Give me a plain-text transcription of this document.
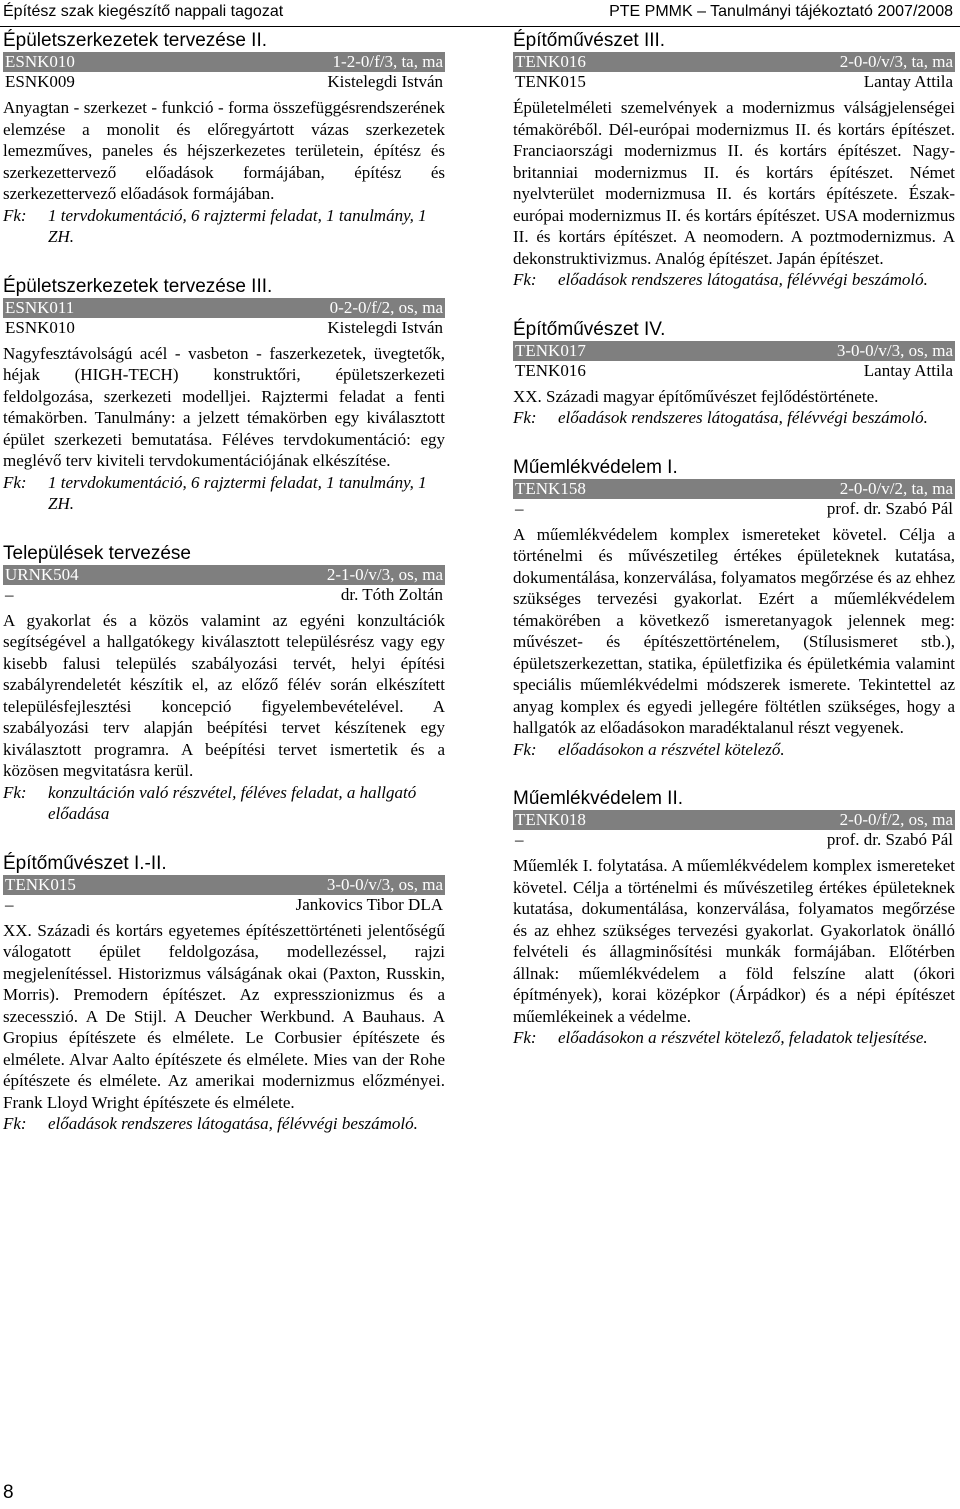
Építész szak kiegészítő nappali tagozat	PTE PMMK – Tanulmányi tájékoztató 2007/2008
Épületszerkezetek tervezése II.
ESNK010	1-2-0/f/3, ta, ma
ESNK009	Kistelegdi István

Anyagtan - szerkezet - funkció - forma összefüggésrendszerének elemzése a monolit és előregyártott vázas szerkezetek lemezműves, paneles és héjszerkezetes területein, építész és szerkezettervező előadások formájában, építész és szerkezettervező előadások formájában.

Fk: 1 tervdokumentáció, 6 rajztermi feladat, 1 tanulmány, 1 ZH.

Épületszerkezetek tervezése III.
ESNK011	0-2-0/f/2, os, ma
ESNK010	Kistelegdi István

Nagyfesztávolságú acél - vasbeton - faszerkezetek, üvegtetők, héjak (HIGH-TECH) konstruktőri, épületszerkezeti feldolgozása, szerkezeti modelljei. Rajztermi feladat a fenti témakörben. Tanulmány: a jelzett témakörben egy kiválasztott épület szerkezeti bemutatása. Féléves tervdokumentáció: egy meglévő terv kiviteli tervdokumentációjának elkészítése.

Fk: 1 tervdokumentáció, 6 rajztermi feladat, 1 tanulmány, 1 ZH.

Települések tervezése
URNK504	2-1-0/v/3, os, ma
–	dr. Tóth Zoltán

A gyakorlat és a közös valamint az egyéni konzultációk segítségével a hallgatókegy kiválasztott településrész vagy egy kisebb falusi település szabályozási tervét, helyi építési szabályrendeletét készítik el, az előző félév során elkészített településfejlesztési koncepció figyelembevételével. A szabályozási terv alapján beépítési tervet készítenek egy kiválasztott programra. A beépítési tervet ismertetik és a közösen megvitatásra kerül.

Fk: konzultáción való részvétel, féléves feladat, a hallgató előadása

Építőművészet I.-II.
TENK015	3-0-0/v/3, os, ma
–	Jankovics Tibor DLA

XX. Századi és kortárs egyetemes építészettörténeti jelentőségű válogatott épület feldolgozása, modellezéssel, rajzi megjelenítéssel. Historizmus válságának okai (Paxton, Russkin, Morris). Premodern építészet. Az expresszionizmus és a szecesszió. A De Stijl. A Deucher Werkbund. A Bauhaus. A Gropius építészete és elmélete. Le Corbusier építészete és elmélete. Alvar Aalto építészete és elmélete. Mies van der Rohe építészete és elmélete. Az amerikai modernizmus előzményei. Frank Lloyd Wright építészete és elmélete.

Fk: előadások rendszeres látogatása, félévvégi beszámoló.

Építőművészet III.
TENK016	2-0-0/v/3, ta, ma
TENK015	Lantay Attila

Épületelméleti szemelvények a modernizmus válságjelenségei témaköréből. Dél-európai modernizmus II. és kortárs építészet. Franciaországi modernizmus II. és kortárs építészet. Nagy-britanniai modernizmus II. és kortárs építészet. Német nyelvterület modernizmusa II. és kortárs építészete. Észak-európai modernizmus II. és kortárs építészet. USA modernizmus II. és kortárs építészet. A neomodern. A poztmodernizmus. A dekonstruktivizmus. Analóg építészet. Japán építészet.

Fk: előadások rendszeres látogatása, félévvégi beszámoló.

Építőművészet IV.
TENK017	3-0-0/v/3, os, ma
TENK016	Lantay Attila

XX. Századi magyar építőművészet fejlődéstörténete.

Fk: előadások rendszeres látogatása, félévvégi beszámoló.

Műemlékvédelem I.
TENK158	2-0-0/v/2, ta, ma
–	prof. dr. Szabó Pál

A műemlékvédelem komplex ismereteket követel. Célja a történelmi és művészetileg értékes épületeknek kutatása, dokumentálása, konzerválása, folyamatos megőrzése és az ehhez szükséges tervezési gyakorlat. Ezért a műemlékvédelem témakörében a következő ismeretanyagok jelennek meg: művészet- és építészettörténelem, (Stílusismeret stb.), épületszerkezettan, statika, épületfizika és épületkémia valamint speciális műemlékvédelmi módszerek ismerete. Tekintettel az anyag komplex és egyedi jellegére föltétlen szükséges, hogy a hallgatók az előadásokon maradéktalanul részt vegyenek.

Fk: előadásokon a részvétel kötelező.

Műemlékvédelem II.
TENK018	2-0-0/f/2, os, ma
–	prof. dr. Szabó Pál

Műemlék I. folytatása. A műemlékvédelem komplex ismereteket követel. Célja a történelmi és művészetileg értékes épületeknek kutatása, dokumentálása, konzerválása, folyamatos megőrzése és az ehhez szükséges tervezési gyakorlat. Gyakorlatok önálló felvételi és állagminősítési munkák formájában. Előtérben állnak: műemlékvédelem a föld felszíne alatt (ókori építmények), korai középkor (Árpádkor) és a népi építészet műemlékeinek a védelme.

Fk: előadásokon a részvétel kötelező, feladatok teljesítése.

8
